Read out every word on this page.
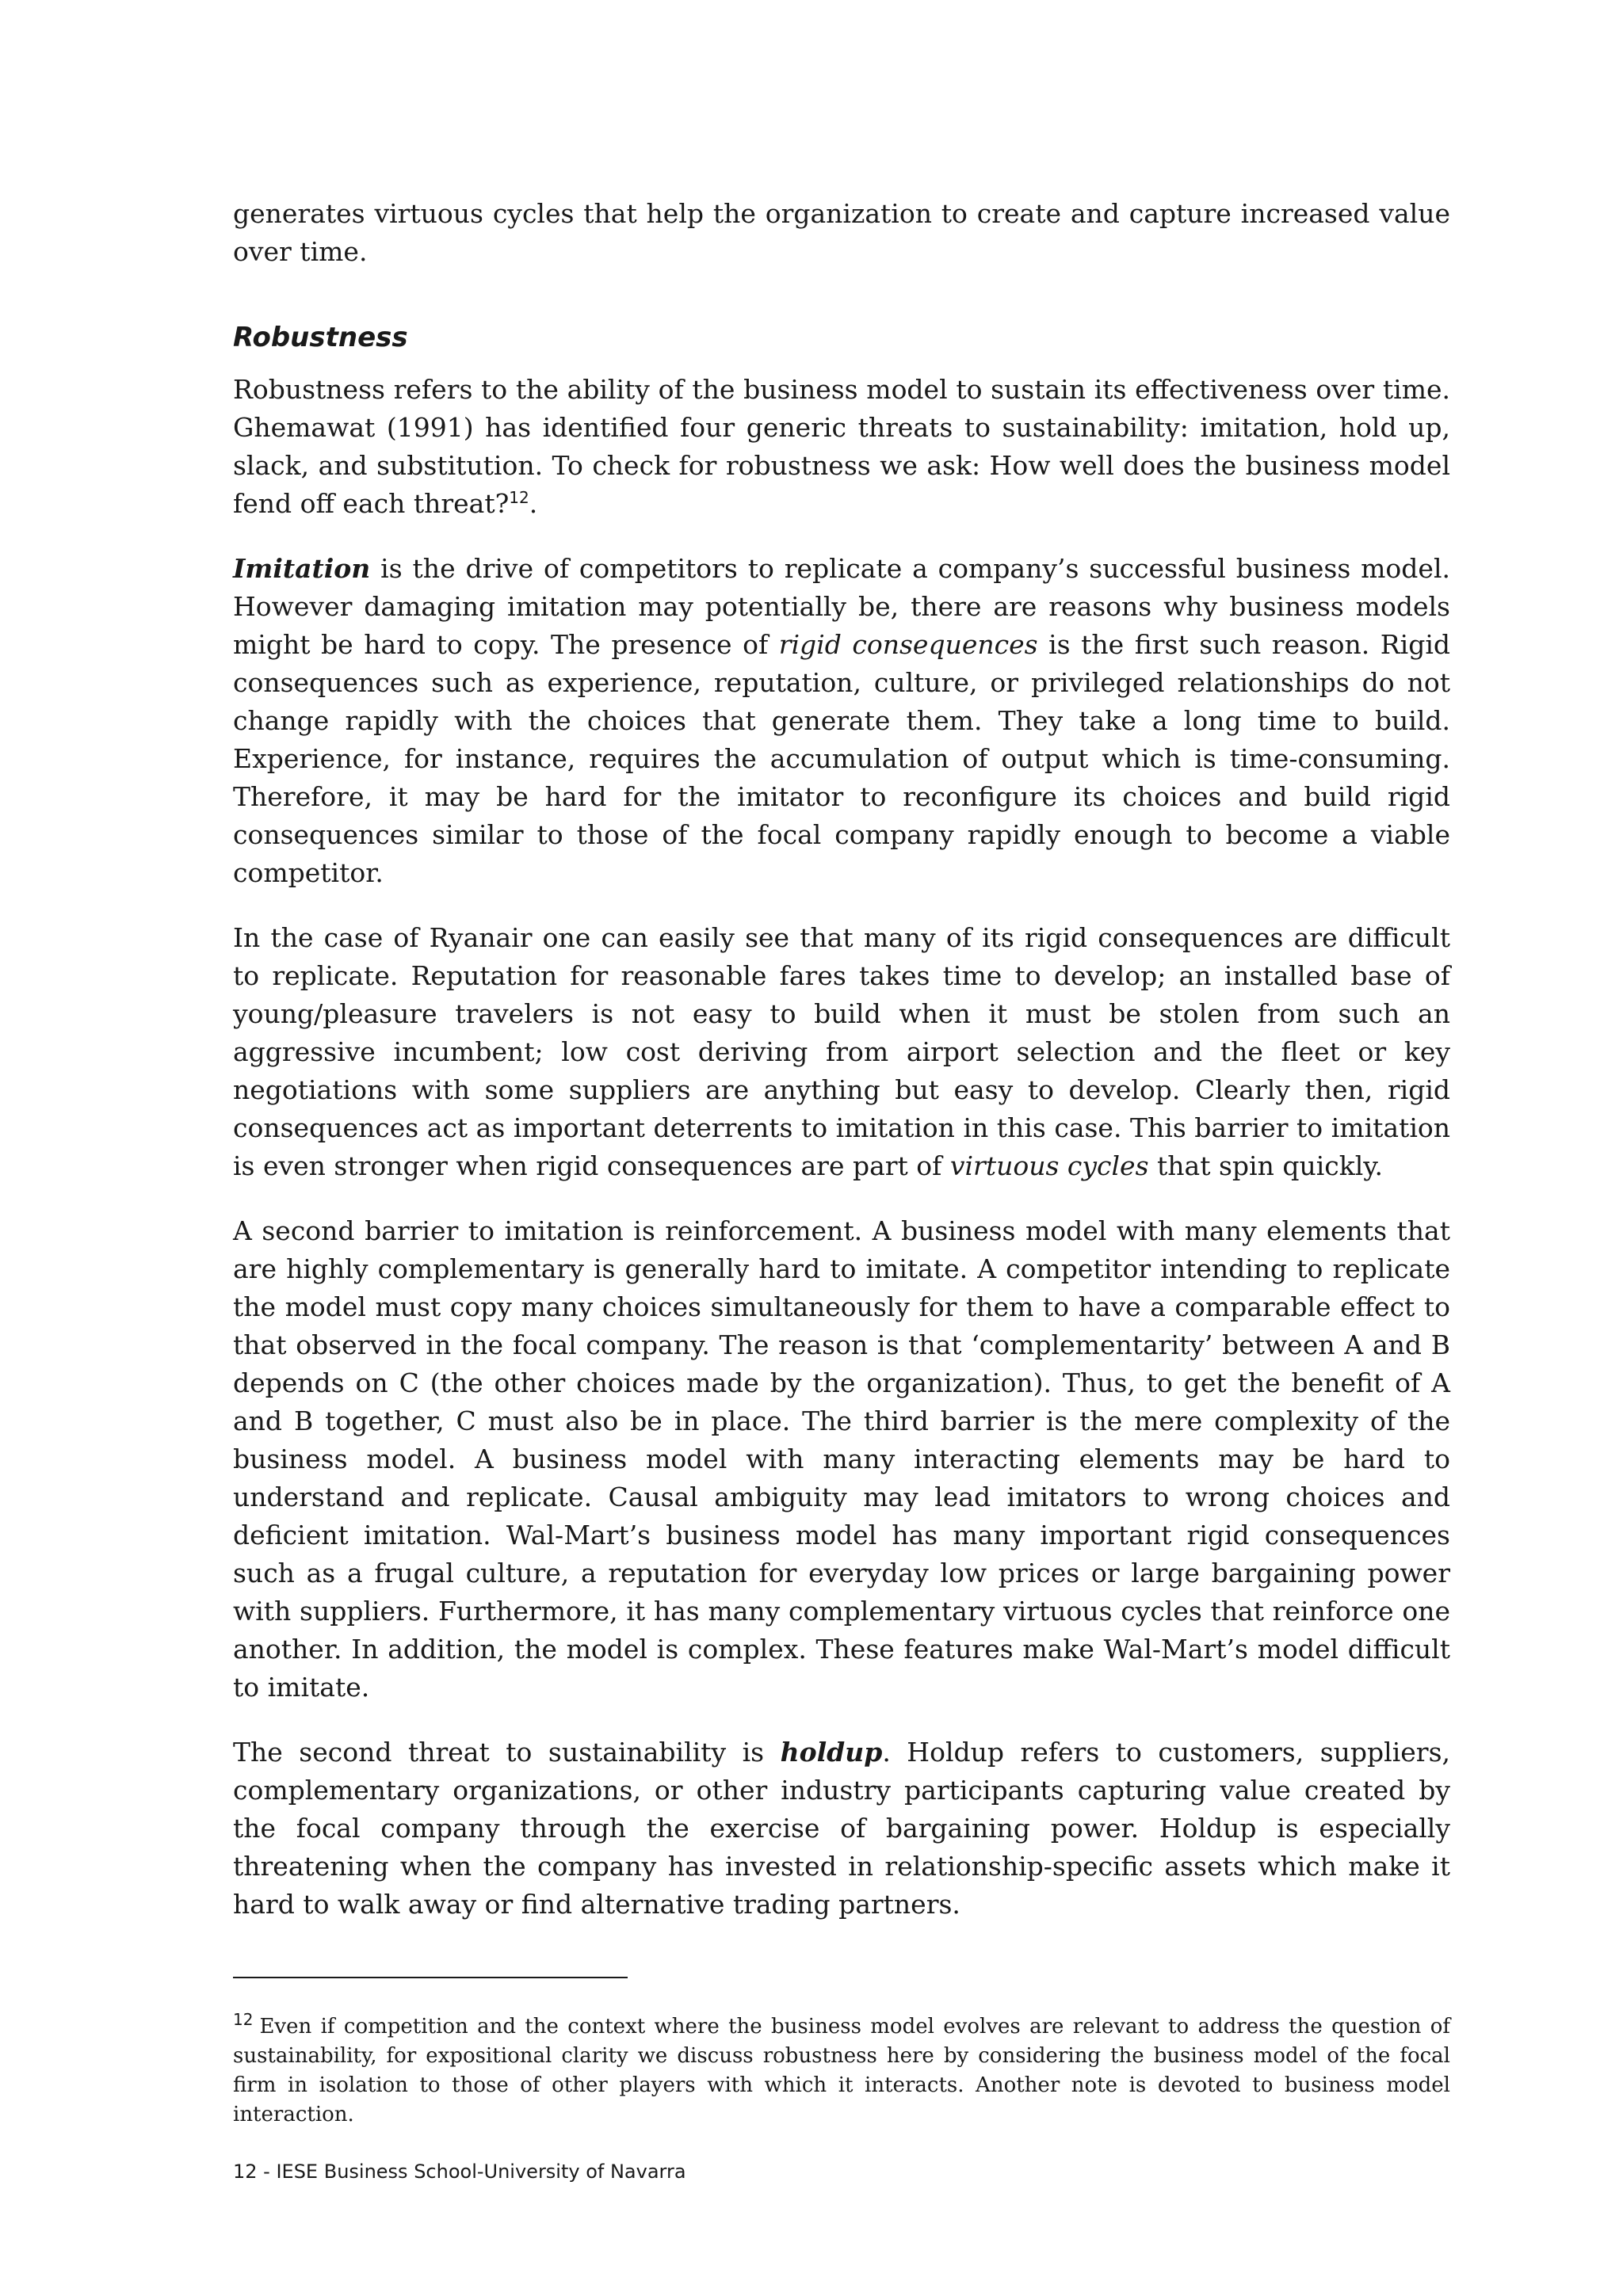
generates virtuous cycles that help the organization to create and capture increased value over time.

Robustness

Robustness refers to the ability of the business model to sustain its effectiveness over time. Ghemawat (1991) has identified four generic threats to sustainability: imitation, hold up, slack, and substitution. To check for robustness we ask: How well does the business model fend off each threat?$^{12}$.

Imitation is the drive of competitors to replicate a company’s successful business model. However damaging imitation may potentially be, there are reasons why business models might be hard to copy. The presence of rigid consequences is the first such reason. Rigid consequences such as experience, reputation, culture, or privileged relationships do not change rapidly with the choices that generate them. They take a long time to build. Experience, for instance, requires the accumulation of output which is time-consuming. Therefore, it may be hard for the imitator to reconfigure its choices and build rigid consequences similar to those of the focal company rapidly enough to become a viable competitor.

In the case of Ryanair one can easily see that many of its rigid consequences are difficult to replicate. Reputation for reasonable fares takes time to develop; an installed base of young/pleasure travelers is not easy to build when it must be stolen from such an aggressive incumbent; low cost deriving from airport selection and the fleet or key negotiations with some suppliers are anything but easy to develop. Clearly then, rigid consequences act as important deterrents to imitation in this case. This barrier to imitation is even stronger when rigid consequences are part of virtuous cycles that spin quickly.

A second barrier to imitation is reinforcement. A business model with many elements that are highly complementary is generally hard to imitate. A competitor intending to replicate the model must copy many choices simultaneously for them to have a comparable effect to that observed in the focal company. The reason is that ‘complementarity’ between A and B depends on C (the other choices made by the organization). Thus, to get the benefit of A and B together, C must also be in place. The third barrier is the mere complexity of the business model. A business model with many interacting elements may be hard to understand and replicate. Causal ambiguity may lead imitators to wrong choices and deficient imitation. Wal-Mart’s business model has many important rigid consequences such as a frugal culture, a reputation for everyday low prices or large bargaining power with suppliers. Furthermore, it has many complementary virtuous cycles that reinforce one another. In addition, the model is complex. These features make Wal-Mart’s model difficult to imitate.

The second threat to sustainability is holdup. Holdup refers to customers, suppliers, complementary organizations, or other industry participants capturing value created by the focal company through the exercise of bargaining power. Holdup is especially threatening when the company has invested in relationship-specific assets which make it hard to walk away or find alternative trading partners.

$^{12}$ Even if competition and the context where the business model evolves are relevant to address the question of sustainability, for expositional clarity we discuss robustness here by considering the business model of the focal firm in isolation to those of other players with which it interacts. Another note is devoted to business model interaction.

12 - IESE Business School-University of Navarra
